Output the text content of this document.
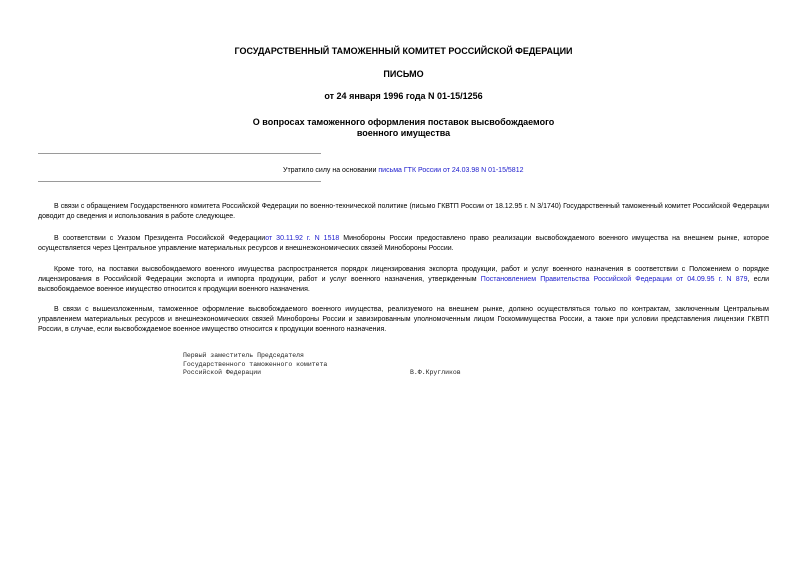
ГОСУДАРСТВЕННЫЙ ТАМОЖЕННЫЙ КОМИТЕТ РОССИЙСКОЙ ФЕДЕРАЦИИ
ПИСЬМО
от 24 января 1996 года N 01-15/1256
О вопросах таможенного оформления поставок высвобождаемого
военного имущества
Утратило силу на основании письма ГТК России от 24.03.98 N 01-15/5812

В связи с обращением Государственного комитета Российской Федерации по военно-технической политике (письмо ГКВТП России от 18.12.95 г. N 3/1740) Государственный таможенный комитет Российской Федерации доводит до сведения и использования в работе следующее.

В соответствии с Указом Президента Российской Федерацииот 30.11.92 г. N 1518 Минобороны России предоставлено право реализации высвобождаемого военного имущества на внешнем рынке, которое осуществляется через Центральное управление материальных ресурсов и внешнеэкономических связей Минобороны России.

Кроме того, на поставки высвобождаемого военного имущества распространяется порядок лицензирования экспорта продукции, работ и услуг военного назначения в соответствии с Положением о порядке лицензирования в Российской Федерации экспорта и импорта продукции, работ и услуг военного назначения, утвержденным Постановлением Правительства Российской Федерации от 04.09.95 г. N 879, если высвобождаемое военное имущество относится к продукции военного назначения.

В связи с вышеизложенным, таможенное оформление высвобождаемого военного имущества, реализуемого на внешнем рынке, должно осуществляться только по контрактам, заключенным Центральным управлением материальных ресурсов и внешнеэкономических связей Минобороны России и завизированным уполномоченным лицом Госкомимущества России, а также при условии представления лицензии ГКВТП России, в случае, если высвобождаемое военное имущество относится к продукции военного назначения.

Первый заместитель Председателя
Государственного таможенного комитета
Российской Федерации	В.Ф.Кругликов
